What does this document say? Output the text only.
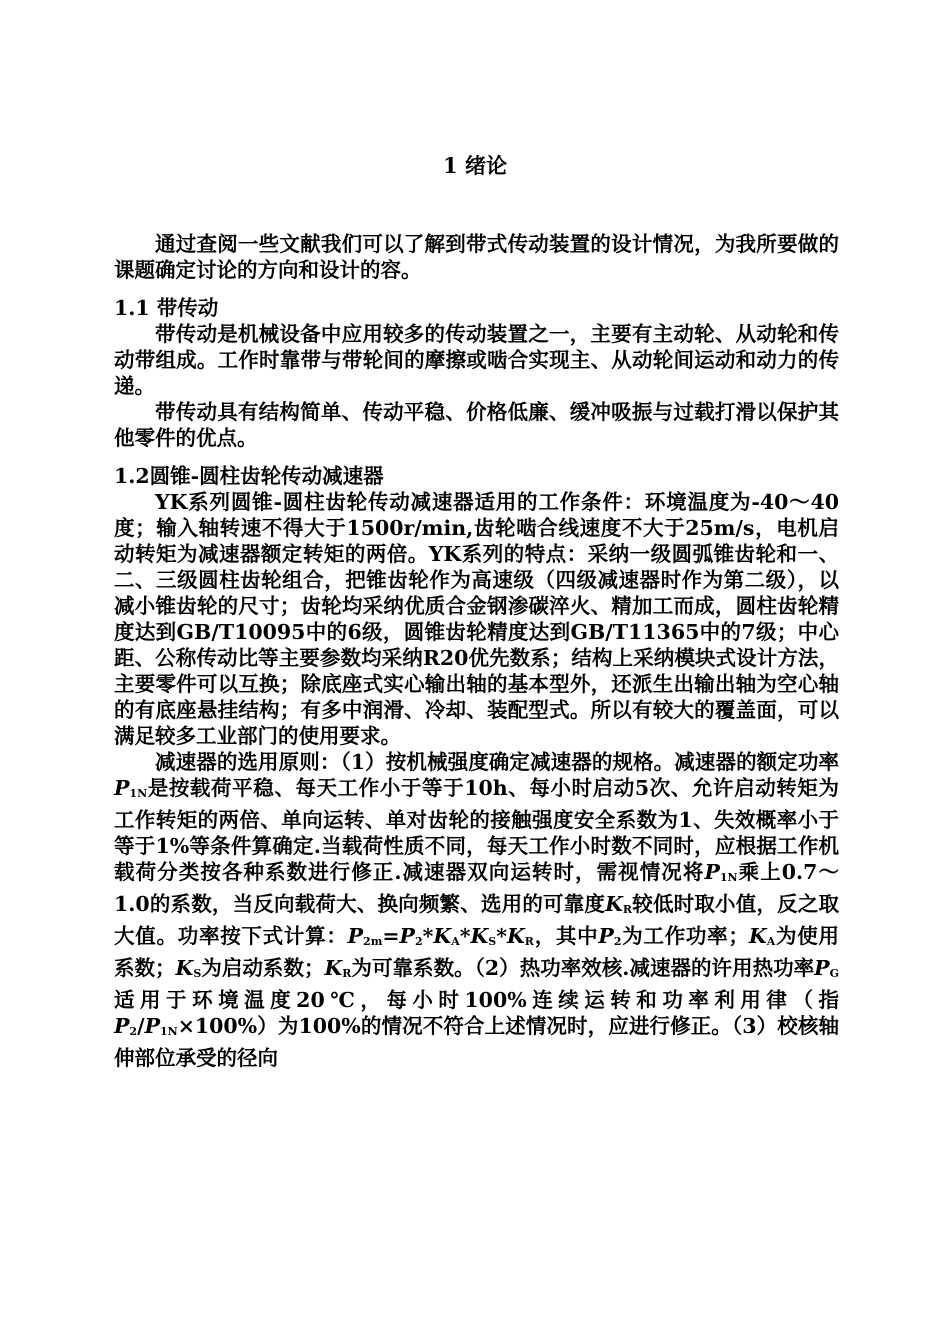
1 绪论

通过查阅一些文献我们可以了解到带式传动装置的设计情况，为我所要做的课题确定讨论的方向和设计的容。

1.1 带传动

带传动是机械设备中应用较多的传动装置之一，主要有主动轮、从动轮和传动带组成。工作时靠带与带轮间的摩擦或啮合实现主、从动轮间运动和动力的传递。

带传动具有结构简单、传动平稳、价格低廉、缓冲吸振与过载打滑以保护其他零件的优点。

1.2圆锥-圆柱齿轮传动减速器

YK系列圆锥-圆柱齿轮传动减速器适用的工作条件：环境温度为-40～40度；输入轴转速不得大于1500r/min,齿轮啮合线速度不大于25m/s，电机启动转矩为减速器额定转矩的两倍。YK系列的特点：采纳一级圆弧锥齿轮和一、二、三级圆柱齿轮组合，把锥齿轮作为高速级（四级减速器时作为第二级），以减小锥齿轮的尺寸；齿轮均采纳优质合金钢渗碳淬火、精加工而成，圆柱齿轮精度达到GB/T10095中的6级，圆锥齿轮精度达到GB/T11365中的7级；中心距、公称传动比等主要参数均采纳R20优先数系；结构上采纳模块式设计方法，主要零件可以互换；除底座式实心输出轴的基本型外，还派生出输出轴为空心轴的有底座悬挂结构；有多中润滑、冷却、装配型式。所以有较大的覆盖面，可以满足较多工业部门的使用要求。

减速器的选用原则：（1）按机械强度确定减速器的规格。减速器的额定功率P1N是按载荷平稳、每天工作小于等于10h、每小时启动5次、允许启动转矩为工作转矩的两倍、单向运转、单对齿轮的接触强度安全系数为1、失效概率小于等于1%等条件算确定.当载荷性质不同，每天工作小时数不同时，应根据工作机载荷分类按各种系数进行修正.减速器双向运转时，需视情况将P1N乘上0.7～1.0的系数，当反向载荷大、换向频繁、选用的可靠度KR较低时取小值，反之取大值。功率按下式计算：P2m=P2*KA*KS*KR，其中P2为工作功率；KA为使用系数；KS为启动系数；KR为可靠系数。（2）热功率效核.减速器的许用热功率PG适用于环境温度20℃，每小时100%连续运转和功率利用律（指P2/P1N×100%）为100%的情况不符合上述情况时，应进行修正。（3）校核轴伸部位承受的径向
